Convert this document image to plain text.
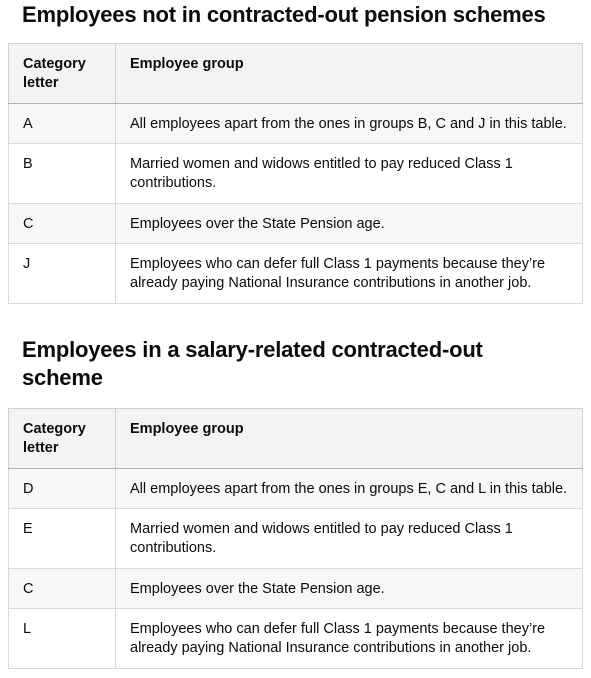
Employees not in contracted-out pension schemes
Category letter	Employee group
A	All employees apart from the ones in groups B, C and J in this table.
B	Married women and widows entitled to pay reduced Class 1 contributions.
C	Employees over the State Pension age.
J	Employees who can defer full Class 1 payments because they’re already paying National Insurance contributions in another job.
Employees in a salary-related contracted-out scheme
Category letter	Employee group
D	All employees apart from the ones in groups E, C and L in this table.
E	Married women and widows entitled to pay reduced Class 1 contributions.
C	Employees over the State Pension age.
L	Employees who can defer full Class 1 payments because they’re already paying National Insurance contributions in another job.
